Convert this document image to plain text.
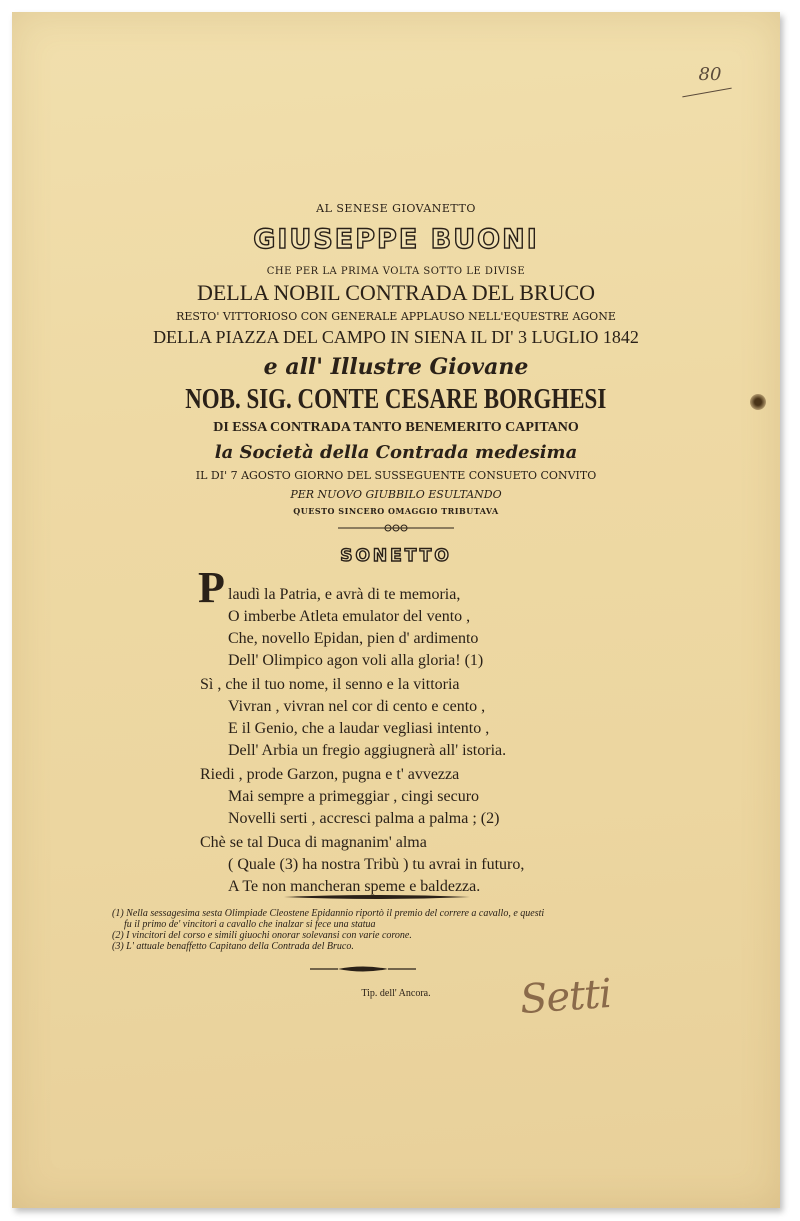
80
AL SENESE GIOVANETTO
GIUSEPPE BUONI
CHE PER LA PRIMA VOLTA SOTTO LE DIVISE
DELLA NOBIL CONTRADA DEL BRUCO
RESTO' VITTORIOSO CON GENERALE APPLAUSO NELL'EQUESTRE AGONE
DELLA PIAZZA DEL CAMPO IN SIENA IL DI' 3 LUGLIO 1842
e all' Illustre Giovane
NOB. SIG. CONTE CESARE BORGHESI
DI ESSA CONTRADA TANTO BENEMERITO CAPITANO
la Società della Contrada medesima
IL DI' 7 AGOSTO GIORNO DEL SUSSEGUENTE CONSUETO CONVITO
PER NUOVO GIUBBILO ESULTANDO
QUESTO SINCERO OMAGGIO TRIBUTAVA
SONETTO
P laudì la Patria, e avrà di te memoria,
O imberbe Atleta emulator del vento ,
Che, novello Epidan, pien d' ardimento
Dell' Olimpico agon voli alla gloria! (1)
Sì , che il tuo nome, il senno e la vittoria
Vivran , vivran nel cor di cento e cento ,
E il Genio, che a laudar vegliasi intento ,
Dell' Arbia un fregio aggiugnerà all' istoria.
Riedi , prode Garzon, pugna e t' avvezza
Mai sempre a primeggiar , cingi securo
Novelli serti , accresci palma a palma ; (2)
Chè se tal Duca di magnanim' alma
( Quale (3) ha nostra Tribù ) tu avrai in futuro,
A Te non mancheran speme e baldezza.
(1) Nella sessagesima sesta Olimpiade Cleostene Epidannio riportò il premio del correre a cavallo, e questi
fu il primo de' vincitori a cavallo che inalzar si fece una statua
(2) I vincitori del corso e simili giuochi onorar solevansi con varie corone.
(3) L' attuale benaffetto Capitano della Contrada del Bruco.
Tip. dell' Ancora.	Setti
